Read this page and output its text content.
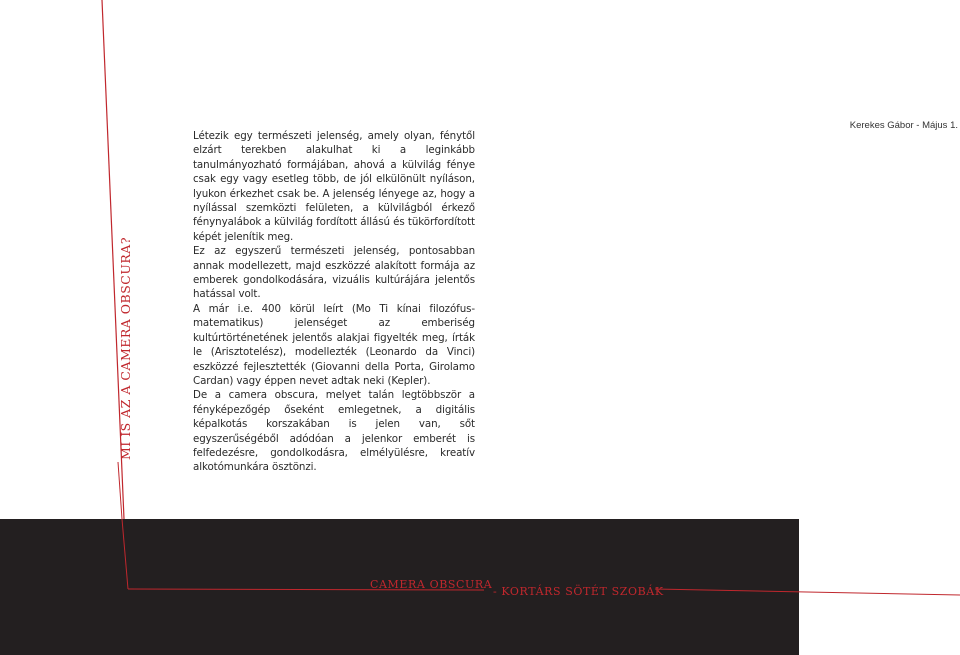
MI IS AZ A CAMERA OBSCURA?
Kerekes Gábor - Május 1.

Létezik egy természeti jelenség, amely olyan, fénytől elzárt terekben alakulhat ki a leginkább tanulmányozható formájában, ahová a külvilág fénye csak egy vagy esetleg több, de jól elkülönült nyíláson, lyukon érkezhet csak be. A jelenség lényege az, hogy a nyílással szemközti felületen, a külvilágból érkező fénynyalábok a külvilág fordított állású és tükörfordított képét jelenítik meg.

Ez az egyszerű természeti jelenség, pontosabban annak modellezett, majd eszközzé alakított formája az emberek gondolkodására, vizuális kultúrájára jelentős hatással volt.

A már i.e. 400 körül leírt (Mo Ti kínai filozófus-matematikus) jelenséget az emberiség kultúrtörténetének jelentős alakjai figyelték meg, írták le (Arisztotelész), modellezték (Leonardo da Vinci) eszközzé fejlesztették (Giovanni della Porta, Girolamo Cardan) vagy éppen nevet adtak neki (Kepler).

De a camera obscura, melyet talán legtöbbször a fényképezőgép őseként emlegetnek, a digitális képalkotás korszakában is jelen van, sőt egyszerűségéből adódóan a jelenkor emberét is felfedezésre, gondolkodásra, elmélyülésre, kreatív alkotómunkára ösztönzi.

CAMERA OBSCURA
- KORTÁRS SÖTÉT SZOBÁK
